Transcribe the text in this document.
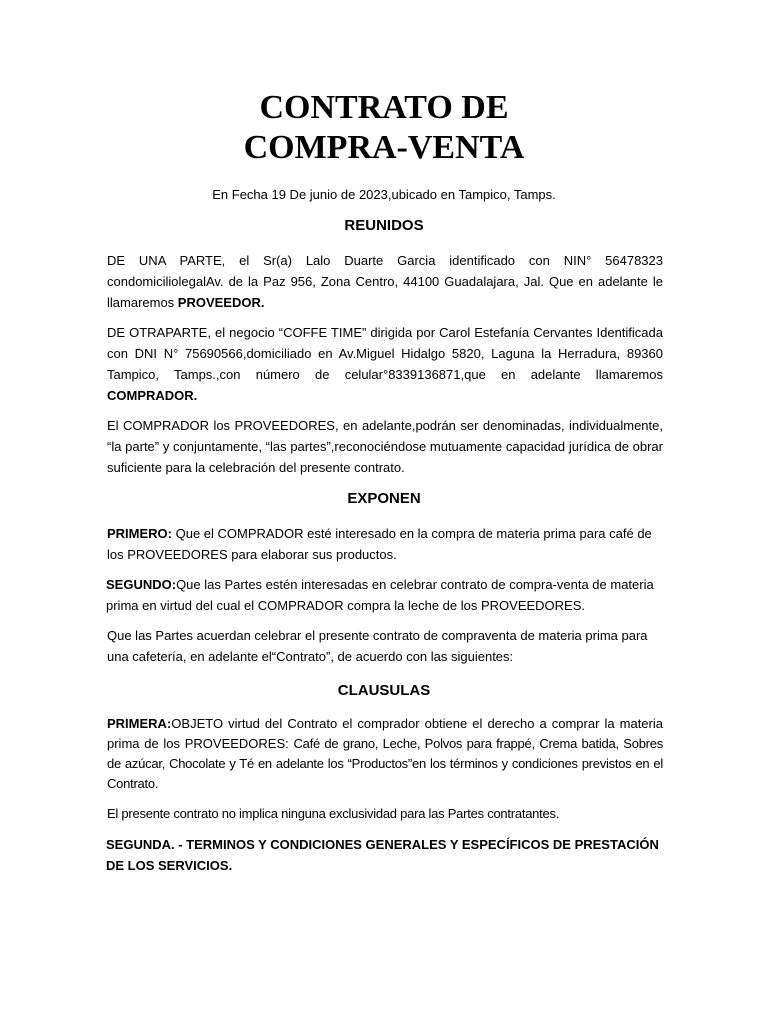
CONTRATO DE
COMPRA-VENTA

En Fecha 19 De junio de 2023,ubicado en Tampico, Tamps.

REUNIDOS

DE UNA PARTE, el Sr(a) Lalo Duarte Garcia identificado con NIN° 56478323 condomiciliolegalAv. de la Paz 956, Zona Centro, 44100 Guadalajara, Jal. Que en adelante le llamaremos PROVEEDOR.

DE OTRAPARTE, el negocio “COFFE TIME” dirigida por Carol Estefanía Cervantes Identificada con DNI N° 75690566,domiciliado en Av.Miguel Hidalgo 5820, Laguna la Herradura, 89360 Tampico, Tamps.,con número de celular°8339136871,que en adelante llamaremos COMPRADOR.

El COMPRADOR los PROVEEDORES, en adelante,podrán ser denominadas, individualmente, “la parte” y conjuntamente, “las partes”,reconociéndose mutuamente capacidad jurídica de obrar suficiente para la celebración del presente contrato.

EXPONEN

PRIMERO: Que el COMPRADOR esté interesado en la compra de materia prima para café de los PROVEEDORES para elaborar sus productos.

SEGUNDO:Que las Partes estén interesadas en celebrar contrato de compra-venta de materia prima en virtud del cual el COMPRADOR compra la leche de los PROVEEDORES.

Que las Partes acuerdan celebrar el presente contrato de compraventa de materia prima para una cafetería, en adelante el“Contrato”, de acuerdo con las siguientes:

CLAUSULAS

PRIMERA:OBJETO virtud del Contrato el comprador obtiene el derecho a comprar la materia prima de los PROVEEDORES: Café de grano, Leche, Polvos para frappé, Crema batida, Sobres de azúcar, Chocolate y Té en adelante los “Productos”en los términos y condiciones previstos en el Contrato.

El presente contrato no implica ninguna exclusividad para las Partes contratantes.

SEGUNDA. - TERMINOS Y CONDICIONES GENERALES Y ESPECÍFICOS DE PRESTACIÓN DE LOS SERVICIOS.
